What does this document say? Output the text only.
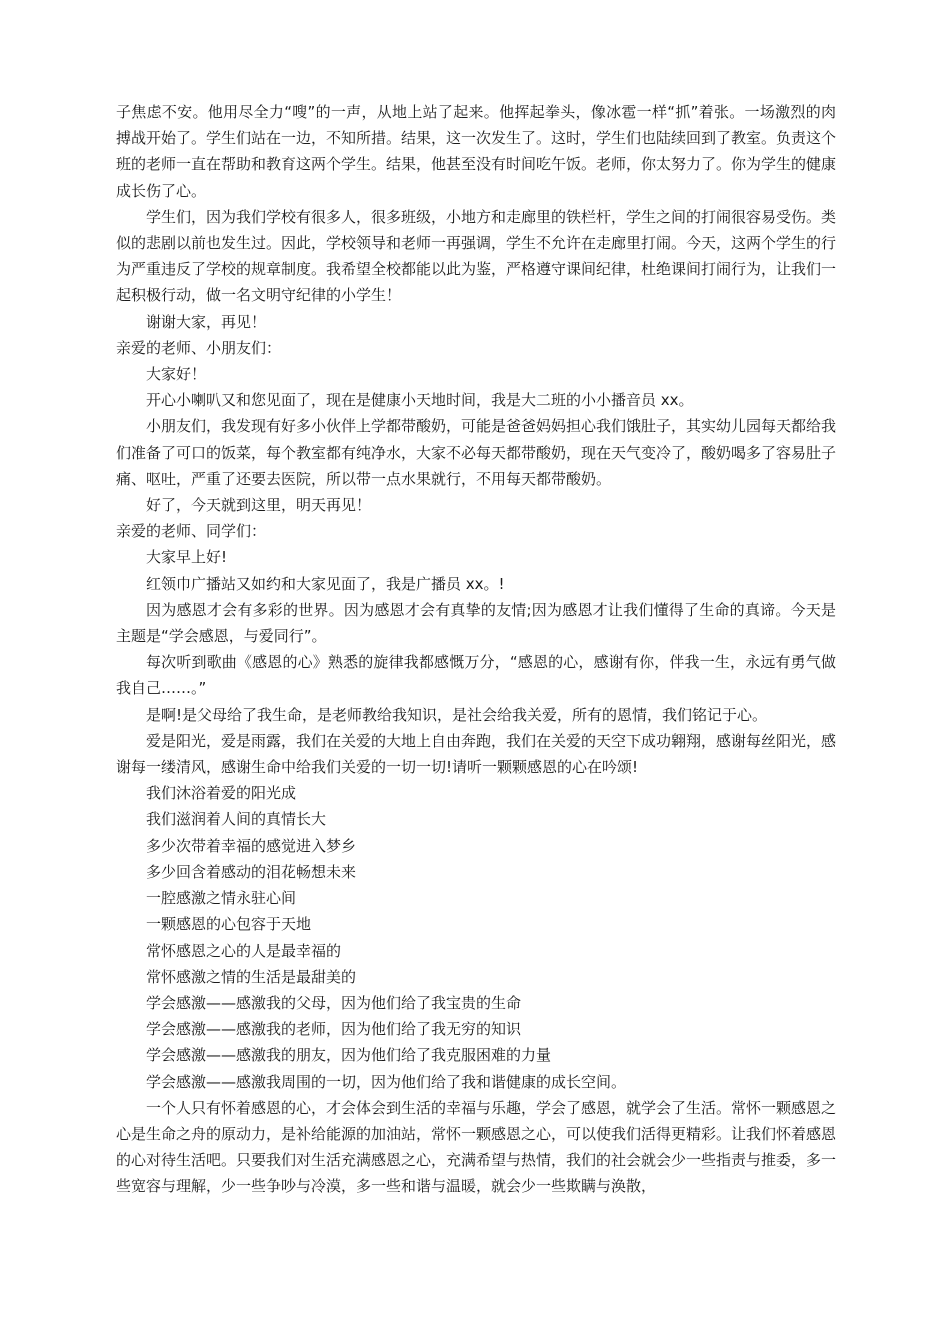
子焦虑不安。他用尽全力“嗖”的一声，从地上站了起来。他挥起拳头，像冰雹一样“抓”着张。一场激烈的肉搏战开始了。学生们站在一边，不知所措。结果，这一次发生了。这时，学生们也陆续回到了教室。负责这个班的老师一直在帮助和教育这两个学生。结果，他甚至没有时间吃午饭。老师，你太努力了。你为学生的健康成长伤了心。

学生们，因为我们学校有很多人，很多班级，小地方和走廊里的铁栏杆，学生之间的打闹很容易受伤。类似的悲剧以前也发生过。因此，学校领导和老师一再强调，学生不允许在走廊里打闹。今天，这两个学生的行为严重违反了学校的规章制度。我希望全校都能以此为鉴，严格遵守课间纪律，杜绝课间打闹行为，让我们一起积极行动，做一名文明守纪律的小学生！

谢谢大家，再见！

亲爱的老师、小朋友们：

大家好！

开心小喇叭又和您见面了，现在是健康小天地时间，我是大二班的小小播音员 xx。

小朋友们，我发现有好多小伙伴上学都带酸奶，可能是爸爸妈妈担心我们饿肚子，其实幼儿园每天都给我们准备了可口的饭菜，每个教室都有纯净水，大家不必每天都带酸奶，现在天气变冷了，酸奶喝多了容易肚子痛、呕吐，严重了还要去医院，所以带一点水果就行，不用每天都带酸奶。

好了，今天就到这里，明天再见！

亲爱的老师、同学们：

大家早上好!

红领巾广播站又如约和大家见面了，我是广播员 xx。!

因为感恩才会有多彩的世界。因为感恩才会有真挚的友情;因为感恩才让我们懂得了生命的真谛。今天是主题是“学会感恩，与爱同行”。

每次听到歌曲《感恩的心》熟悉的旋律我都感慨万分，“感恩的心，感谢有你，伴我一生，永远有勇气做我自己……。”

是啊!是父母给了我生命，是老师教给我知识，是社会给我关爱，所有的恩情，我们铭记于心。

爱是阳光，爱是雨露，我们在关爱的大地上自由奔跑，我们在关爱的天空下成功翱翔，感谢每丝阳光，感谢每一缕清风，感谢生命中给我们关爱的一切一切!请听一颗颗感恩的心在吟颂!

我们沐浴着爱的阳光成

我们滋润着人间的真情长大

多少次带着幸福的感觉进入梦乡

多少回含着感动的泪花畅想未来

一腔感激之情永驻心间

一颗感恩的心包容于天地

常怀感恩之心的人是最幸福的

常怀感激之情的生活是最甜美的

学会感激——感激我的父母，因为他们给了我宝贵的生命

学会感激——感激我的老师，因为他们给了我无穷的知识

学会感激——感激我的朋友，因为他们给了我克服困难的力量

学会感激——感激我周围的一切，因为他们给了我和谐健康的成长空间。

一个人只有怀着感恩的心，才会体会到生活的幸福与乐趣，学会了感恩，就学会了生活。常怀一颗感恩之心是生命之舟的原动力，是补给能源的加油站，常怀一颗感恩之心，可以使我们活得更精彩。让我们怀着感恩的心对待生活吧。只要我们对生活充满感恩之心，充满希望与热情，我们的社会就会少一些指责与推委，多一些宽容与理解，少一些争吵与冷漠，多一些和谐与温暖，就会少一些欺瞒与涣散，
